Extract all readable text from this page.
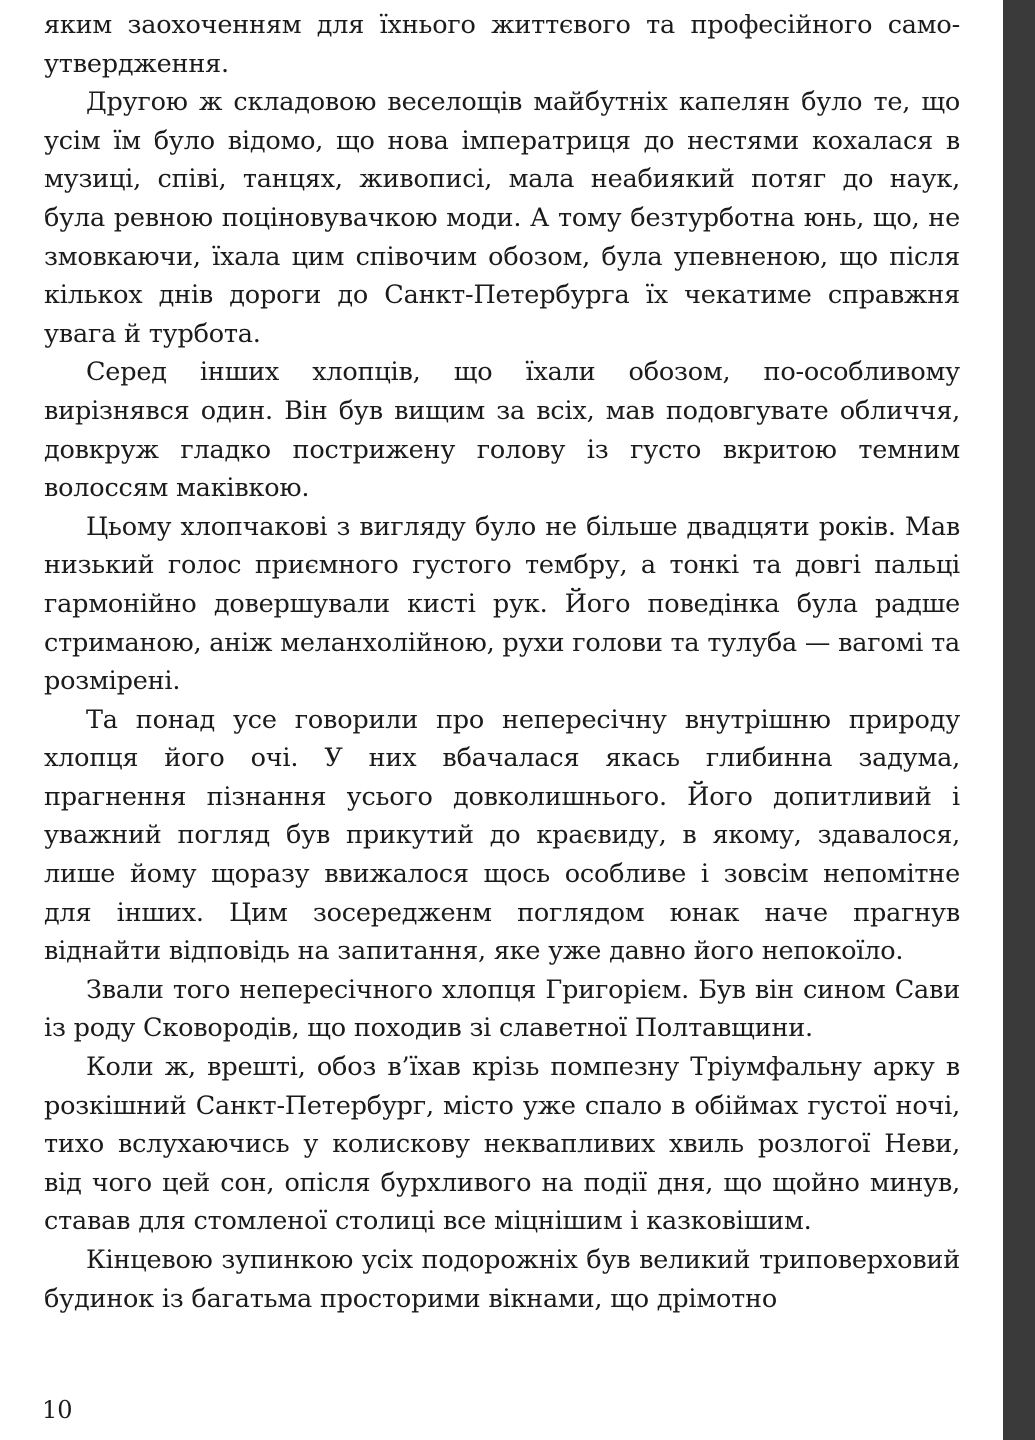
яким заохоченням для їхнього життєвого та професійного само-утвердження.

Другою ж складовою веселощів майбутніх капелян було те, що усім їм було відомо, що нова імператриця до нестями кохалася в музиці, співі, танцях, живописі, мала неабиякий потяг до наук, була ревною поціновувачкою моди. А тому безтурботна юнь, що, не змовкаючи, їхала цим співочим обозом, була упевненою, що після кількох днів дороги до Санкт-Петербурга їх чекатиме справжня увага й турбота.

Серед інших хлопців, що їхали обозом, по-особливому вирізнявся один. Він був вищим за всіх, мав подовгувате обличчя, довкруж гладко пострижену голову із густо вкритою темним волоссям маківкою.

Цьому хлопчакові з вигляду було не більше двадцяти років. Мав низький голос приємного густого тембру, а тонкі та довгі пальці гармонійно довершували кисті рук. Його поведінка була радше стриманою, аніж меланхолійною, рухи голови та тулуба — вагомі та розмірені.

Та понад усе говорили про непересічну внутрішню природу хлопця його очі. У них вбачалася якась глибинна задума, прагнення пізнання усього довколишнього. Його допитливий і уважний погляд був прикутий до краєвиду, в якому, здавалося, лише йому щоразу ввижалося щось особливе і зовсім непомітне для інших. Цим зосередженм поглядом юнак наче прагнув віднайти відповідь на запитання, яке уже давно його непокоїло.

Звали того непересічного хлопця Григорієм. Був він сином Сави із роду Сковородів, що походив зі славетної Полтавщини.

Коли ж, врешті, обоз в’їхав крізь помпезну Тріумфальну арку в розкішний Санкт-Петербург, місто уже спало в обіймах густої ночі, тихо вслухаючись у колискову неквапливих хвиль розлогої Неви, від чого цей сон, опісля бурхливого на події дня, що щойно минув, ставав для стомленої столиці все міцнішим і казковішим.

Кінцевою зупинкою усіх подорожніх був великий триповерховий будинок із багатьма просторими вікнами, що дрімотно

10
